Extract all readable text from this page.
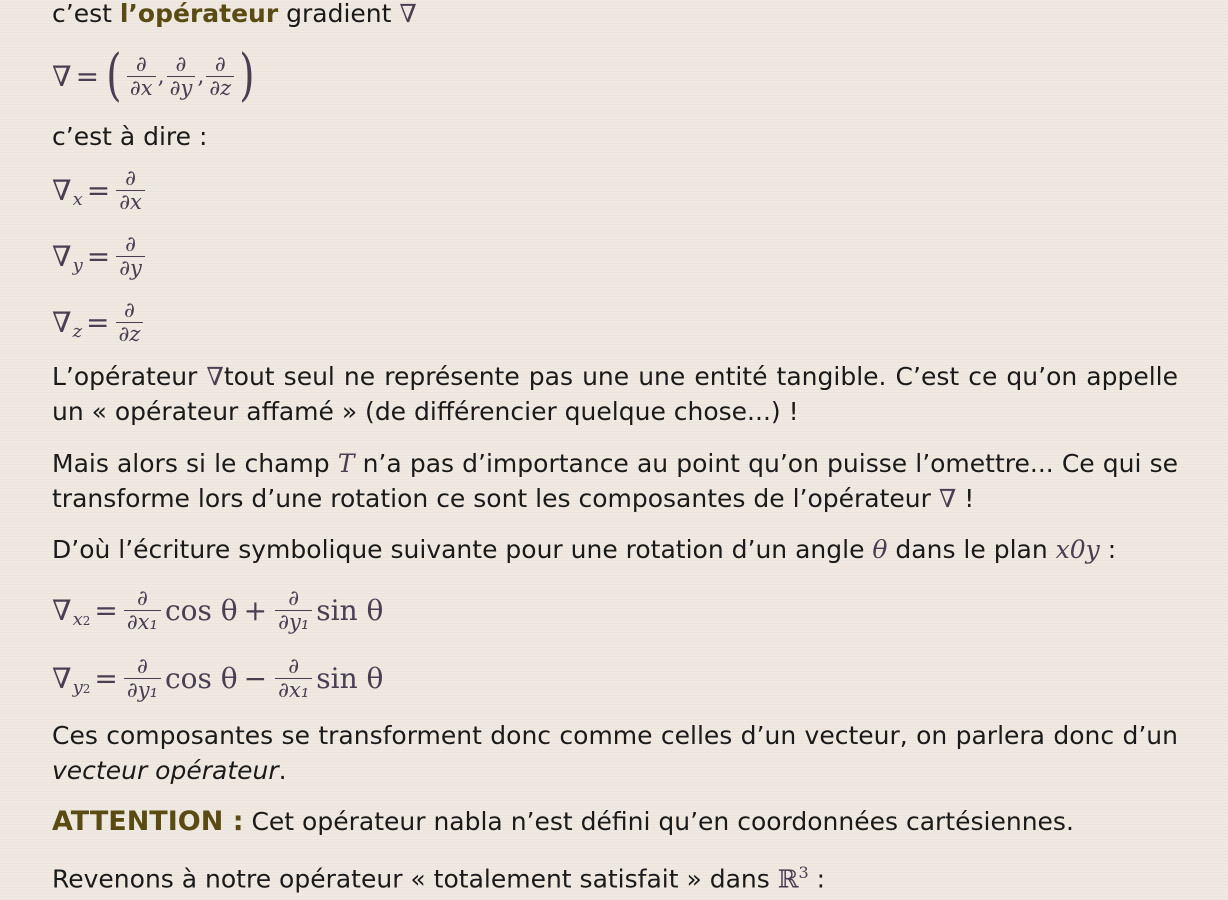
c’est l’opérateur gradient ∇
∇ = ( $\frac{\partial}{\partial x}$ , $\frac{\partial}{\partial y}$ , $\frac{\partial}{\partial z}$ )
c’est à dire :
∇ $x = \frac{\partial}{\partial x}$
∇ $y = \frac{\partial}{\partial y}$
∇ $z = \frac{\partial}{\partial z}$
L’opérateur ∇tout seul ne représente pas une une entité tangible. C’est ce qu’on appelle un « opérateur affamé » (de différencier quelque chose...) !
Mais alors si le champ T n’a pas d’importance au point qu’on puisse l’omettre... Ce qui se transforme lors d’une rotation ce sont les composantes de l’opérateur ∇ !
D’où l’écriture symbolique suivante pour une rotation d’un angle θ dans le plan x0y :
∇ $x2 = \frac{\partial}{\text{∂x₁}}$ $\cos \theta + \frac{\partial}{\text{∂y₁}}$ sin θ
∇ $y2 = \frac{\partial}{\text{∂y₁}}$ $\cos \theta - \frac{\partial}{\text{∂x₁}}$ sin θ
Ces composantes se transforment donc comme celles d’un vecteur, on parlera donc d’un vecteur opérateur.
ATTENTION : Cet opérateur nabla n’est défini qu’en coordonnées cartésiennes.
Revenons à notre opérateur « totalement satisfait » dans ℝ$^3$ :
